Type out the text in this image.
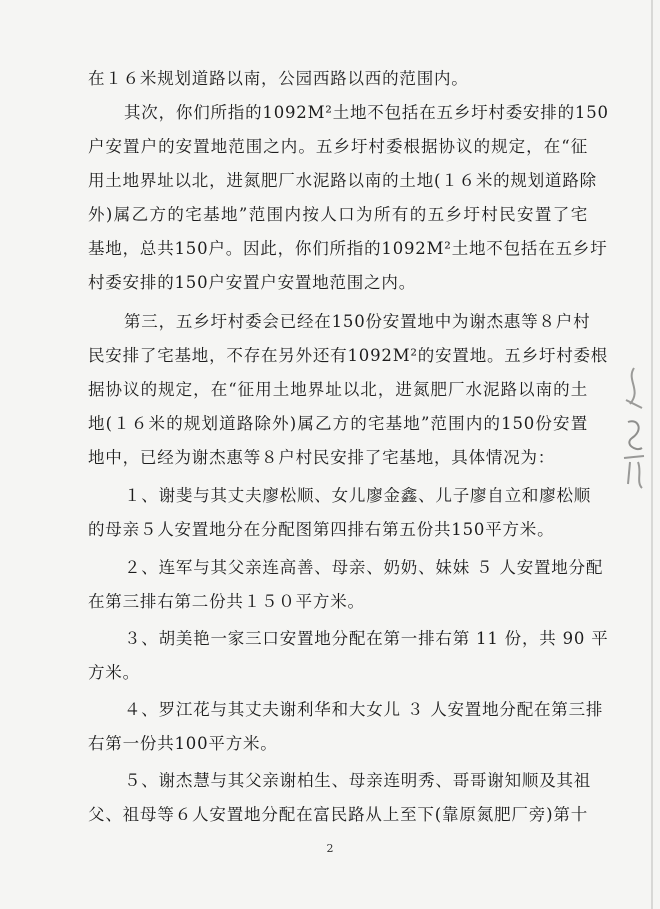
在１６米规划道路以南，公园西路以西的范围内。
其次，你们所指的1092M²土地不包括在五乡圩村委安排的150
户安置户的安置地范围之内。五乡圩村委根据协议的规定，在“征
用土地界址以北，进氮肥厂水泥路以南的土地(１６米的规划道路除
外)属乙方的宅基地”范围内按人口为所有的五乡圩村民安置了宅
基地，总共150户。因此，你们所指的1092M²土地不包括在五乡圩
村委安排的150户安置户安置地范围之内。
第三，五乡圩村委会已经在150份安置地中为谢杰惠等８户村
民安排了宅基地，不存在另外还有1092M²的安置地。五乡圩村委根
据协议的规定，在“征用土地界址以北，进氮肥厂水泥路以南的土
地(１６米的规划道路除外)属乙方的宅基地”范围内的150份安置
地中，已经为谢杰惠等８户村民安排了宅基地，具体情况为：
１、谢斐与其丈夫廖松顺、女儿廖金鑫、儿子廖自立和廖松顺
的母亲５人安置地分在分配图第四排右第五份共150平方米。
２、连军与其父亲连高善、母亲、奶奶、妹妹 ５ 人安置地分配
在第三排右第二份共１５０平方米。
３、胡美艳一家三口安置地分配在第一排右第 11 份，共 90 平
方米。
４、罗江花与其丈夫谢利华和大女儿 ３ 人安置地分配在第三排
右第一份共100平方米。
５、谢杰慧与其父亲谢柏生、母亲连明秀、哥哥谢知顺及其祖
父、祖母等６人安置地分配在富民路从上至下(靠原氮肥厂旁)第十
2
